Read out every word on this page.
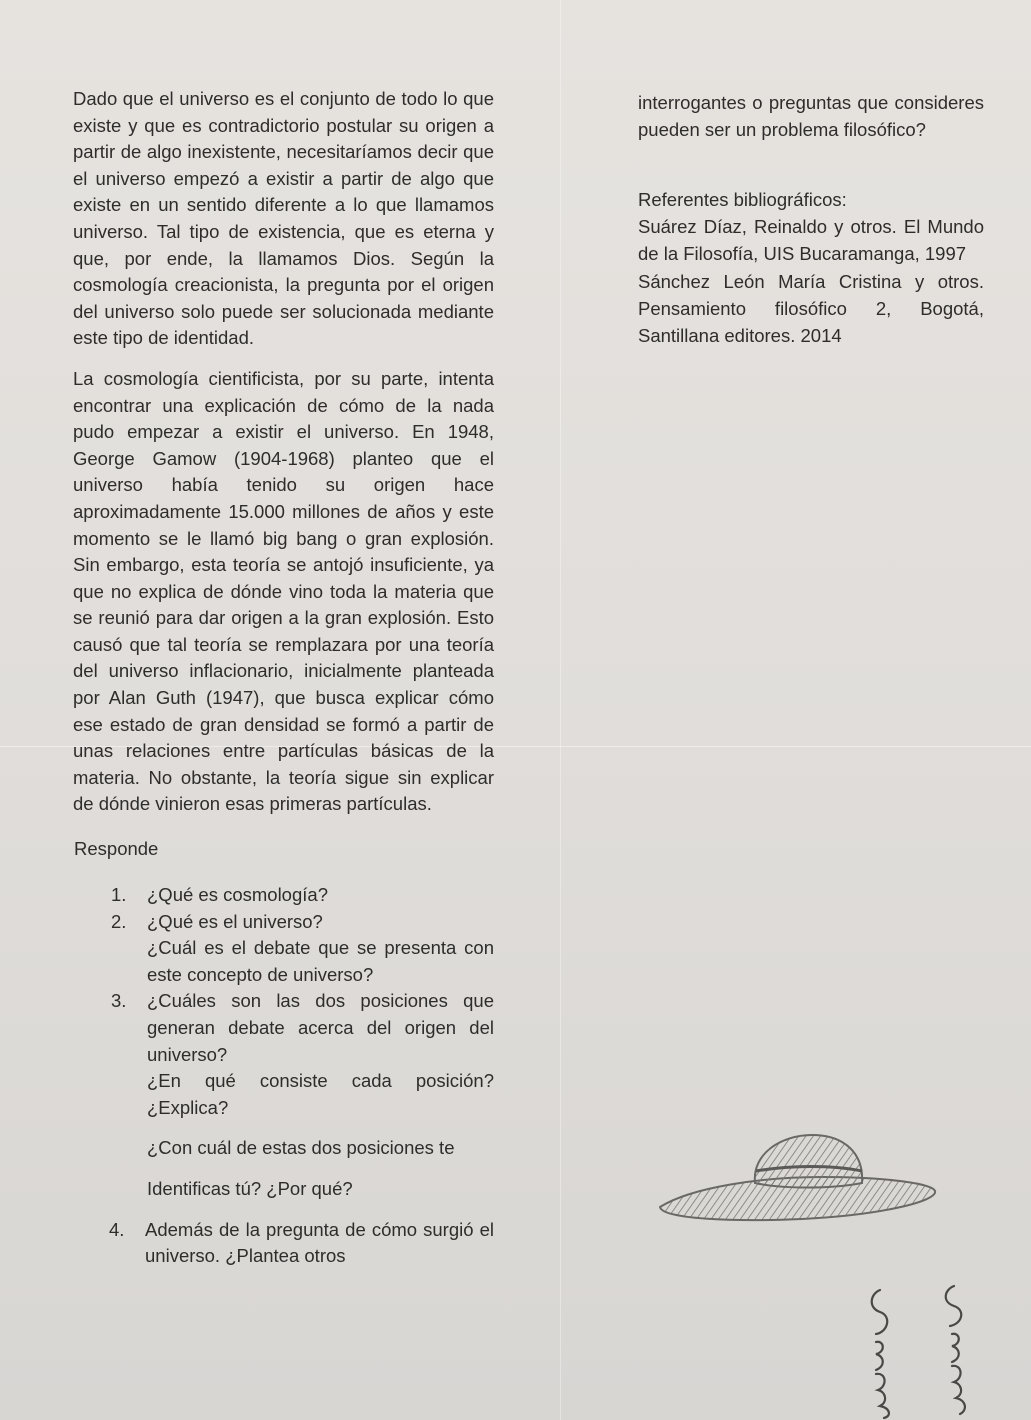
Dado que el universo es el conjunto de todo lo que existe y que es contradictorio postular su origen a partir de algo inexistente, necesitaríamos decir que el universo empezó a existir a partir de algo que existe en un sentido diferente a lo que llamamos universo. Tal tipo de existencia, que es eterna y que, por ende, la llamamos Dios. Según la cosmología creacionista, la pregunta por el origen del universo solo puede ser solucionada mediante este tipo de identidad.

La cosmología cientificista, por su parte, intenta encontrar una explicación de cómo de la nada pudo empezar a existir el universo. En 1948, George Gamow (1904-1968) planteo que el universo había tenido su origen hace aproximadamente 15.000 millones de años y este momento se le llamó big bang o gran explosión. Sin embargo, esta teoría se antojó insuficiente, ya que no explica de dónde vino toda la materia que se reunió para dar origen a la gran explosión. Esto causó que tal teoría se remplazara por una teoría del universo inflacionario, inicialmente planteada por Alan Guth (1947), que busca explicar cómo ese estado de gran densidad se formó a partir de unas relaciones entre partículas básicas de la materia. No obstante, la teoría sigue sin explicar de dónde vinieron esas primeras partículas.

Responde

1. ¿Qué es cosmología?

2. ¿Qué es el universo?

¿Cuál es el debate que se presenta con este concepto de universo?

3. ¿Cuáles son las dos posiciones que generan debate acerca del origen del universo?

¿En qué consiste cada posición? ¿Explica?

¿Con cuál de estas dos posiciones te

Identificas tú? ¿Por qué?

4. Además de la pregunta de cómo surgió el universo. ¿Plantea otros

interrogantes o preguntas que consideres pueden ser un problema filosófico?

Referentes bibliográficos:

Suárez Díaz, Reinaldo y otros. El Mundo de la Filosofía, UIS Bucaramanga, 1997

Sánchez León María Cristina y otros. Pensamiento filosófico 2, Bogotá, Santillana editores. 2014
